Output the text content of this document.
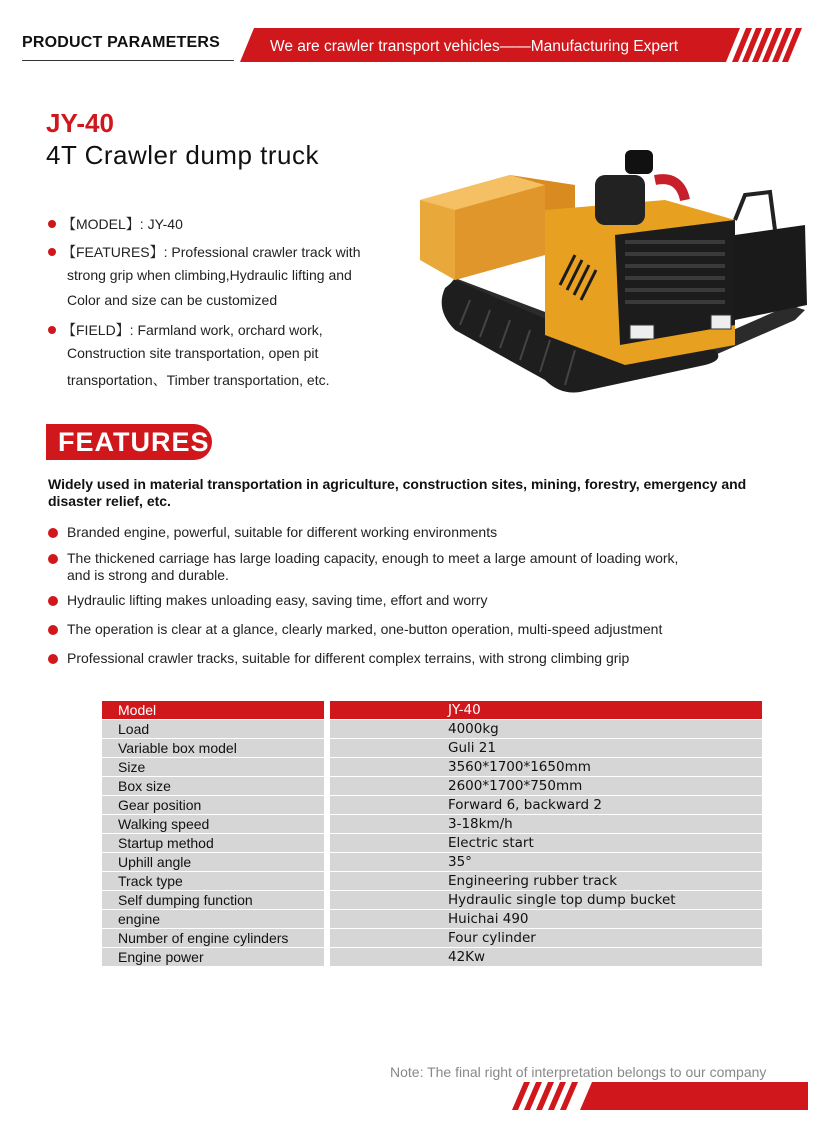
PRODUCT PARAMETERS	We are crawler transport vehicles——Manufacturing Expert
JY-40
4T Crawler dump truck
【MODEL】: JY-40
【FEATURES】: Professional crawler track with
strong grip when climbing,Hydraulic lifting and
Color and size can be customized
【FIELD】: Farmland work, orchard work,
Construction site transportation, open pit
transportation、Timber transportation, etc.
FEATURES
Widely used in material transportation in agriculture, construction sites, mining, forestry, emergency and disaster relief, etc.
Branded engine, powerful, suitable for different working environments
The thickened carriage has large loading capacity, enough to meet a large amount of loading work,
and is strong and durable.
Hydraulic lifting makes unloading easy, saving time, effort and worry
The operation is clear at a glance, clearly marked, one-button operation, multi-speed adjustment
Professional crawler tracks, suitable for different complex terrains, with strong climbing grip
Model	JY-40
Load	4000kg
Variable box model	Guli 21
Size	3560*1700*1650mm
Box size	2600*1700*750mm
Gear position	Forward 6, backward 2
Walking speed	3-18km/h
Startup method	Electric start
Uphill angle	35°
Track type	Engineering rubber track
Self dumping function	Hydraulic single top dump bucket
engine	Huichai 490
Number of engine cylinders	Four cylinder
Engine power	42Kw
Note: The final right of interpretation belongs to our company
